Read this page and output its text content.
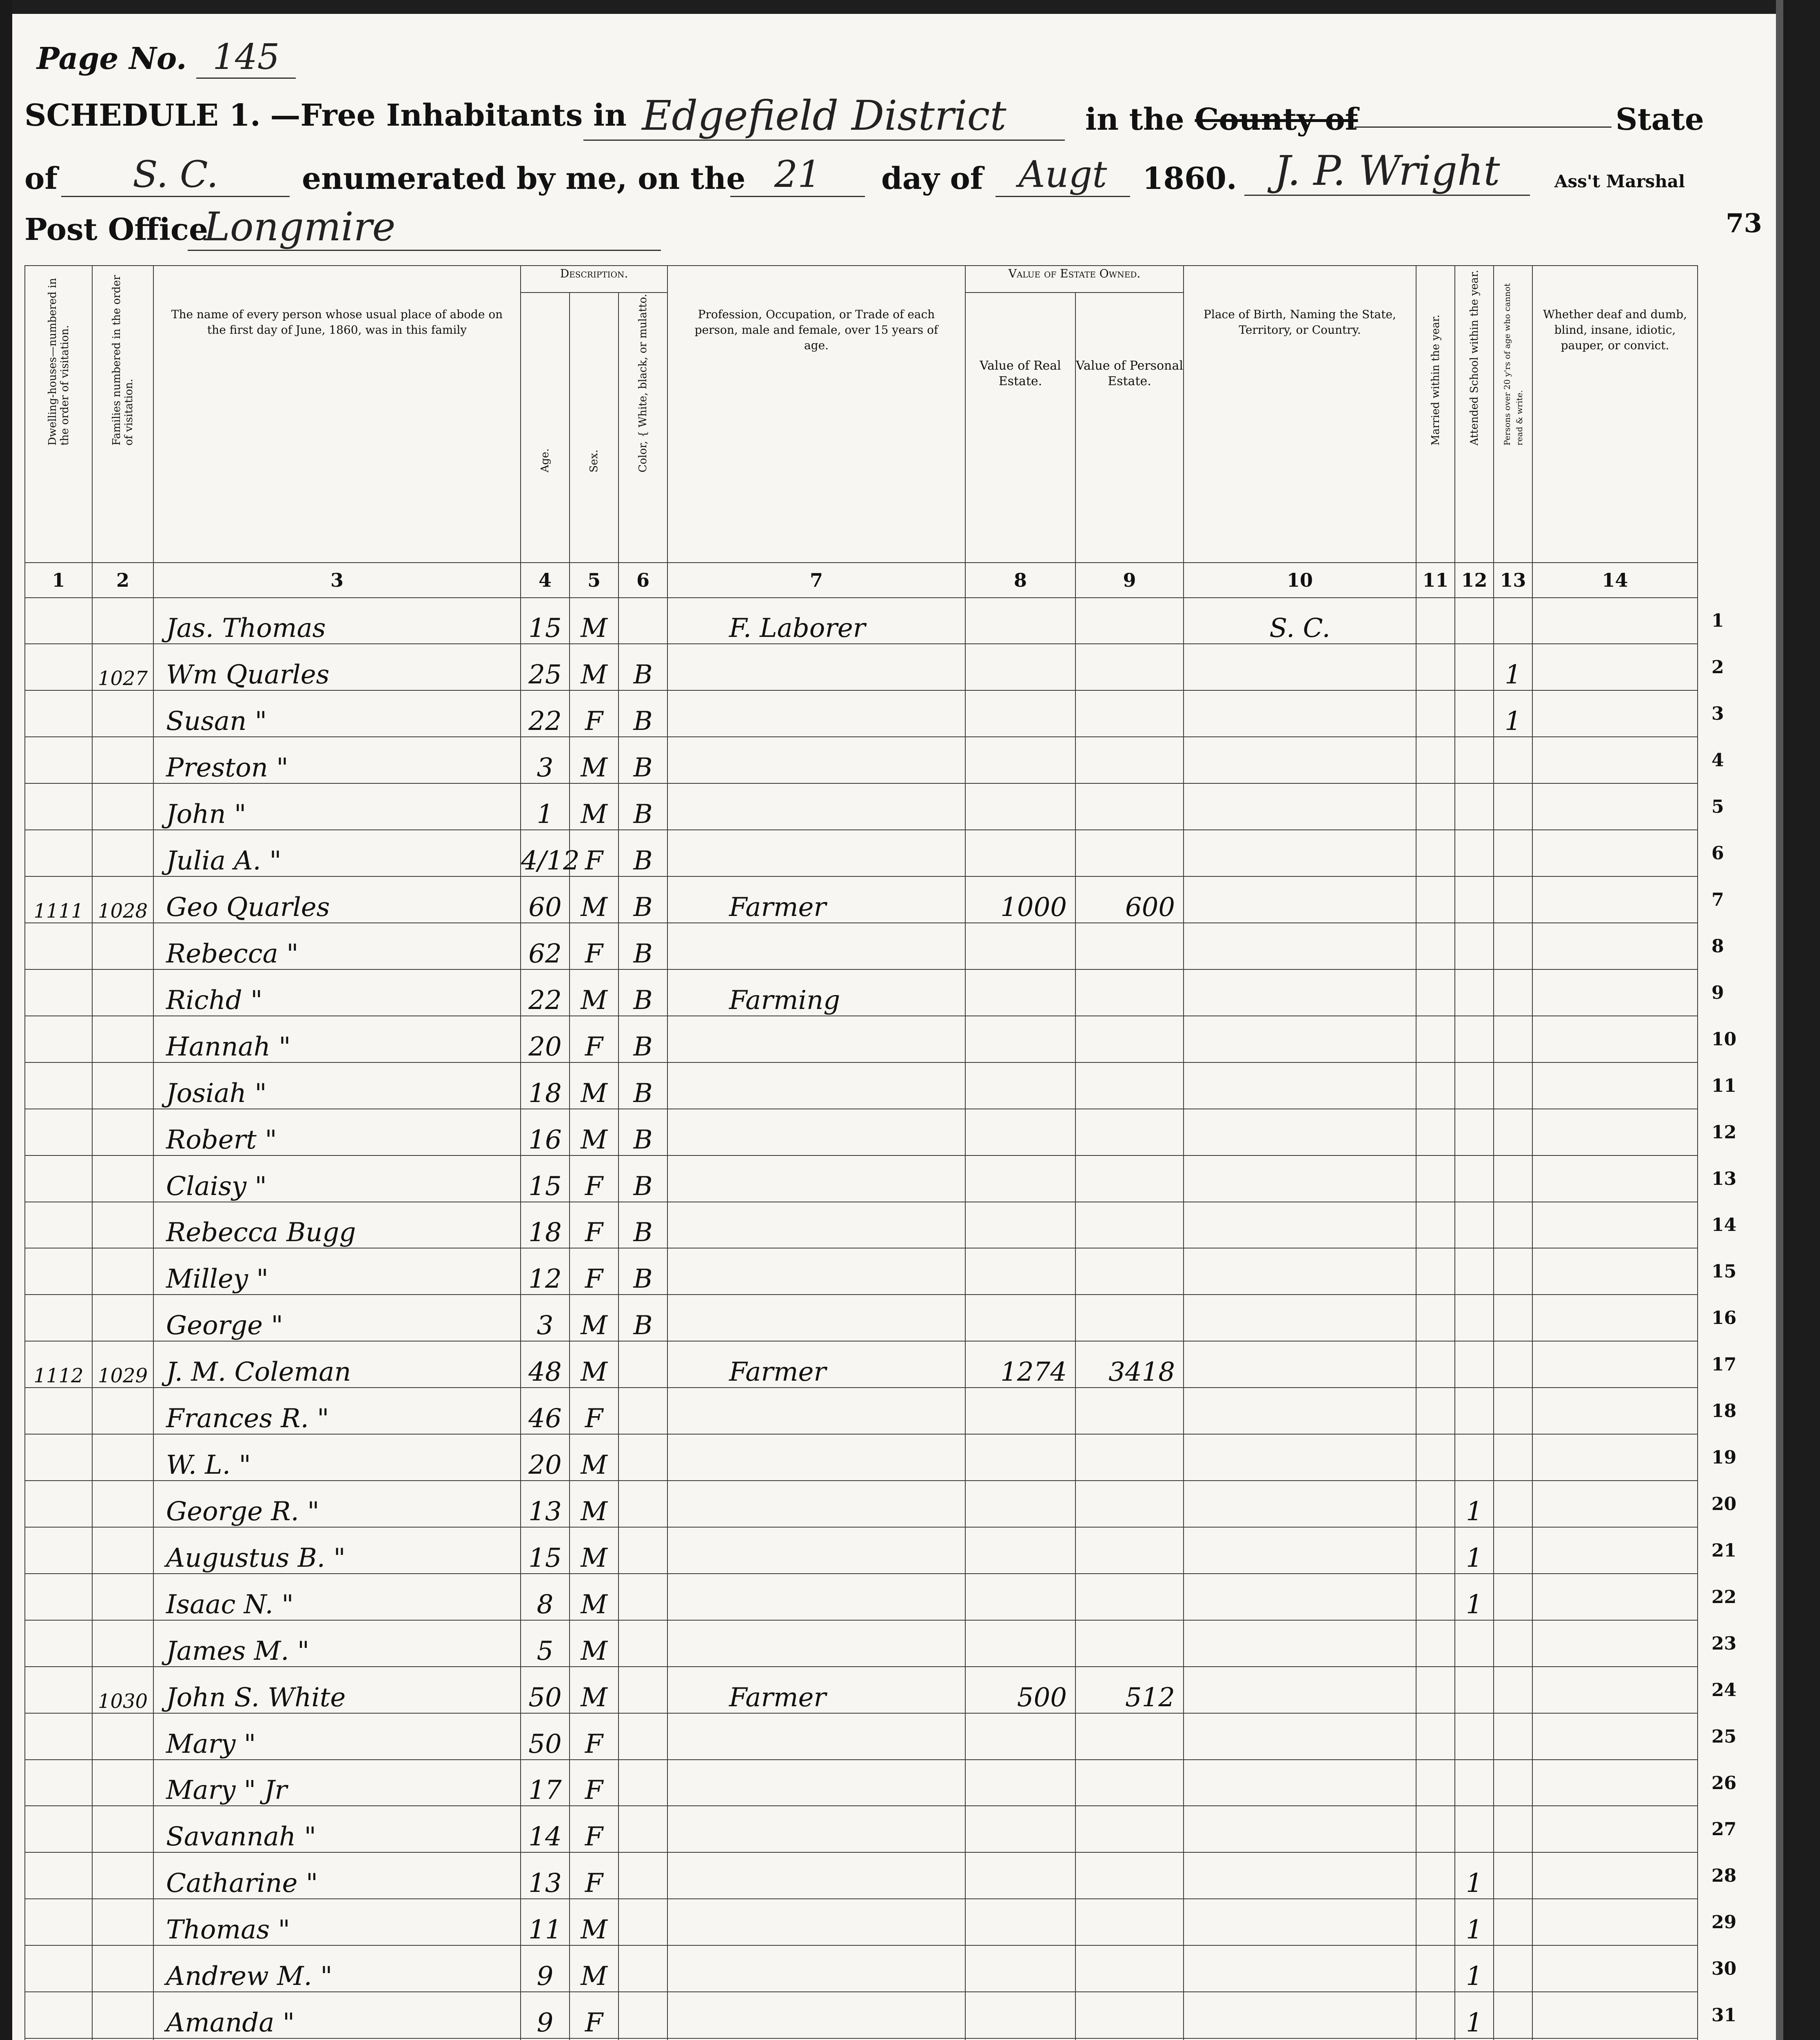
Page No. 145
SCHEDULE 1. —Free Inhabitants in Edgefield District	in the County of	State
of	S. C.	enumerated by me, on the 21	day of Augt	1860. J. P. Wright	Ass't Marshal
Post Office
Longmire	73
Dwelling-houses—numbered in the order of visitation.	Families numbered in the order of visitation.	The name of every person whose usual place of abode on the first day of June, 1860, was in this family	Description.			Profession, Occupation, or Trade of each person, male and female, over 15 years of age.	Value of Estate Owned.		Place of Birth, Naming the State, Territory, or Country.	Married within the year.	Attended School within the year.	Persons over 20 y'rs of age who cannot read & write.	Whether deaf and dumb, blind, insane, idiotic, pauper, or convict.
			Age.	Sex.	Color, { White, black, or mulatto.		Value of Real Estate.	Value of Personal Estate.					
1	2	3	4	5	6	7	8	9	10	11	12	13	14
		Jas. Thomas	15	M		F. Laborer			S. C.				
	1027	Wm Quarles	25	M	B							1	
		Susan "	22	F	B							1	
		Preston "	3	M	B								
		John "	1	M	B								
		Julia A. "	4/12	F	B								
1111	1028	Geo Quarles	60	M	B	Farmer	1000	600					
		Rebecca "	62	F	B								
		Richd "	22	M	B	Farming							
		Hannah "	20	F	B								
		Josiah "	18	M	B								
		Robert "	16	M	B								
		Claisy "	15	F	B								
		Rebecca Bugg	18	F	B								
		Milley "	12	F	B								
		George "	3	M	B								
1112	1029	J. M. Coleman	48	M		Farmer	1274	3418					
		Frances R. "	46	F									
		W. L. "	20	M									
		George R. "	13	M							1		
		Augustus B. "	15	M							1		
		Isaac N. "	8	M							1		
		James M. "	5	M									
	1030	John S. White	50	M		Farmer	500	512					
		Mary "	50	F									
		Mary " Jr	17	F									
		Savannah "	14	F									
		Catharine "	13	F							1		
		Thomas "	11	M							1		
		Andrew M. "	9	M							1		
		Amanda "	9	F							1		

1
2
3
4
5
6
7
8
9
10
11
12
13
14
15
16
17
18
19
20
21
22
23
24
25
26
27
28
29
30
31
